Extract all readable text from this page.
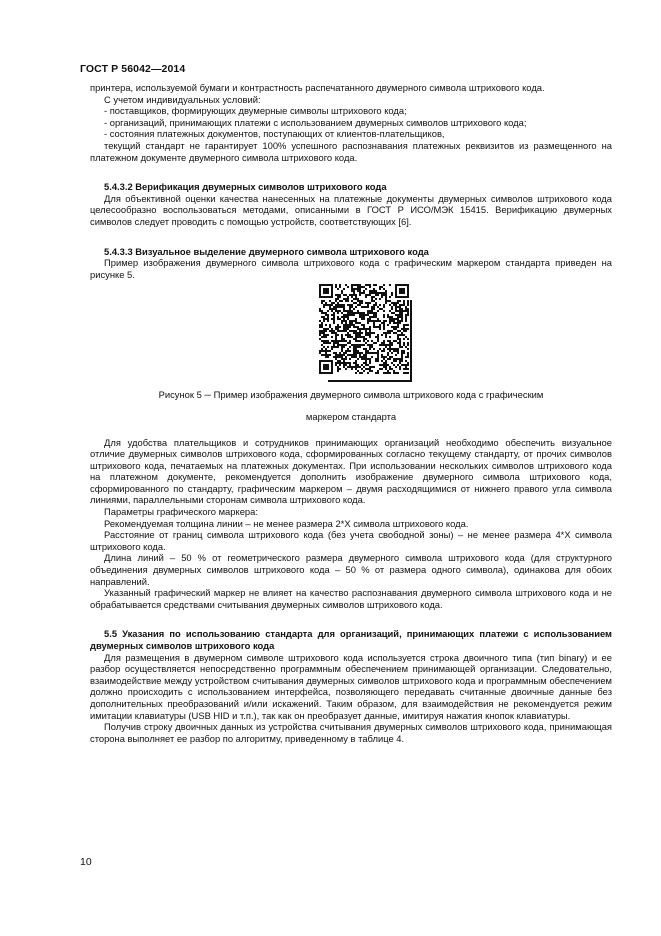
ГОСТ Р 56042—2014

принтера, используемой бумаги и контрастность распечатанного двумерного символа штрихового кода.

С учетом индивидуальных условий:

- поставщиков, формирующих двумерные символы штрихового кода;

- организаций, принимающих платежи с использованием двумерных символов штрихового кода;

- состояния платежных документов, поступающих от клиентов-плательщиков,

текущий стандарт не гарантирует 100% успешного распознавания платежных реквизитов из размещенного на платежном документе двумерного символа штрихового кода.

5.4.3.2 Верификация двумерных символов штрихового кода

Для объективной оценки качества нанесенных на платежные документы двумерных символов штрихового кода целесообразно воспользоваться методами, описанными в ГОСТ Р ИСО/МЭК 15415. Верификацию двумерных символов следует проводить с помощью устройств, соответствующих [6].

5.4.3.3 Визуальное выделение двумерного символа штрихового кода

Пример изображения двумерного символа штрихового кода с графическим маркером стандарта приведен на рисунке 5.

Рисунок 5 ─ Пример изображения двумерного символа штрихового кода с графическим

маркером стандарта

Для удобства плательщиков и сотрудников принимающих организаций необходимо обеспечить визуальное отличие двумерных символов штрихового кода, сформированных согласно текущему стандарту, от прочих символов штрихового кода, печатаемых на платежных документах. При использовании нескольких символов штрихового кода на платежном документе, рекомендуется дополнить изображение двумерного символа штрихового кода, сформированного по стандарту, графическим маркером – двумя расходящимися от нижнего правого угла символа линиями, параллельными сторонам символа штрихового кода.

Параметры графического маркера:

Рекомендуемая толщина линии – не менее размера 2*X символа штрихового кода.

Расстояние от границ символа штрихового кода (без учета свободной зоны) – не менее размера 4*X символа штрихового кода.

Длина линий – 50 % от геометрического размера двумерного символа штрихового кода (для структурного объединения двумерных символов штрихового кода – 50 % от размера одного символа), одинакова для обоих направлений.

Указанный графический маркер не влияет на качество распознавания двумерного символа штрихового кода и не обрабатывается средствами считывания двумерных символов штрихового кода.

5.5 Указания по использованию стандарта для организаций, принимающих платежи с использованием двумерных символов штрихового кода

Для размещения в двумерном символе штрихового кода используется строка двоичного типа (тип binary) и ее разбор осуществляется непосредственно программным обеспечением принимающей организации. Следовательно, взаимодействие между устройством считывания двумерных символов штрихового кода и программным обеспечением должно происходить с использованием интерфейса, позволяющего передавать считанные двоичные данные без дополнительных преобразований и/или искажений. Таким образом, для взаимодействия не рекомендуется режим имитации клавиатуры (USB HID и т.п.), так как он преобразует данные, имитируя нажатия кнопок клавиатуры.

Получив строку двоичных данных из устройства считывания двумерных символов штрихового кода, принимающая сторона выполняет ее разбор по алгоритму, приведенному в таблице 4.

10
